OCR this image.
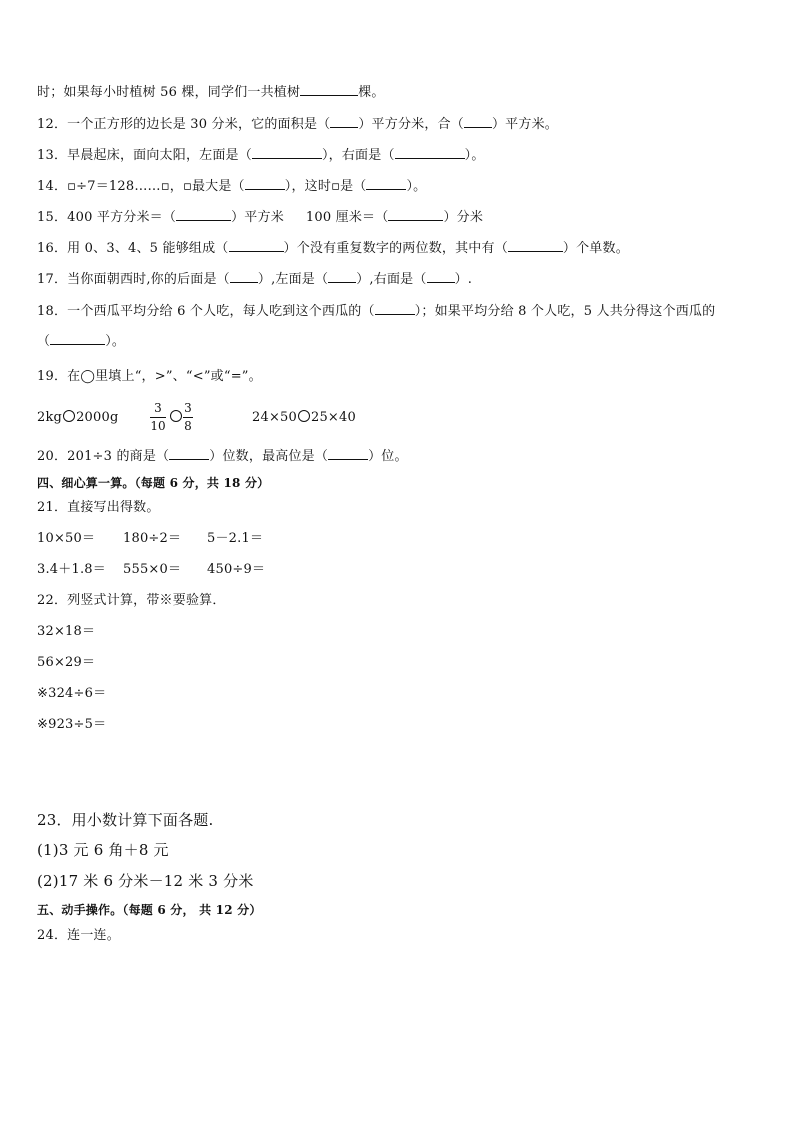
时；如果每小时植树 56 棵，同学们一共植树	棵。
12．一个正方形的边长是 30 分米，它的面积是（ ）平方分米，合（ ）平方米。
13．早晨起床，面向太阳，左面是（	），右面是（	）。
14．▫÷7＝128……▫，▫最大是（	），这时▫是（	）。
15．400 平方分米＝（	）平方米 100 厘米＝（	）分米
16．用 0、3、4、5 能够组成（	）个没有重复数字的两位数，其中有（	）个单数。
17．当你面朝西时,你的后面是（ ）,左面是（ ）,右面是（ ）.
18．一个西瓜平均分给 6 个人吃，每人吃到这个西瓜的（	）；如果平均分给 8 个人吃，5 人共分得这个西瓜的
（	）。
19．在◯里填上“，>”、“<”或“=”。
2kg 2000g
3
10
3
8
24×50 25×40
20．201÷3 的商是（	）位数，最高位是（	）位。
四、细心算一算。（每题 6 分，共 18 分）
21．直接写出得数。
10×50＝ 180÷2＝ 5－2.1＝
3.4＋1.8＝ 555×0＝ 450÷9＝
22．列竖式计算，带※要验算．
32×18＝
56×29＝
※324÷6＝
※923÷5＝
23．用小数计算下面各题.
(1)3 元 6 角＋8 元
(2)17 米 6 分米－12 米 3 分米
五、动手操作。（每题 6 分， 共 12 分）
24．连一连。
